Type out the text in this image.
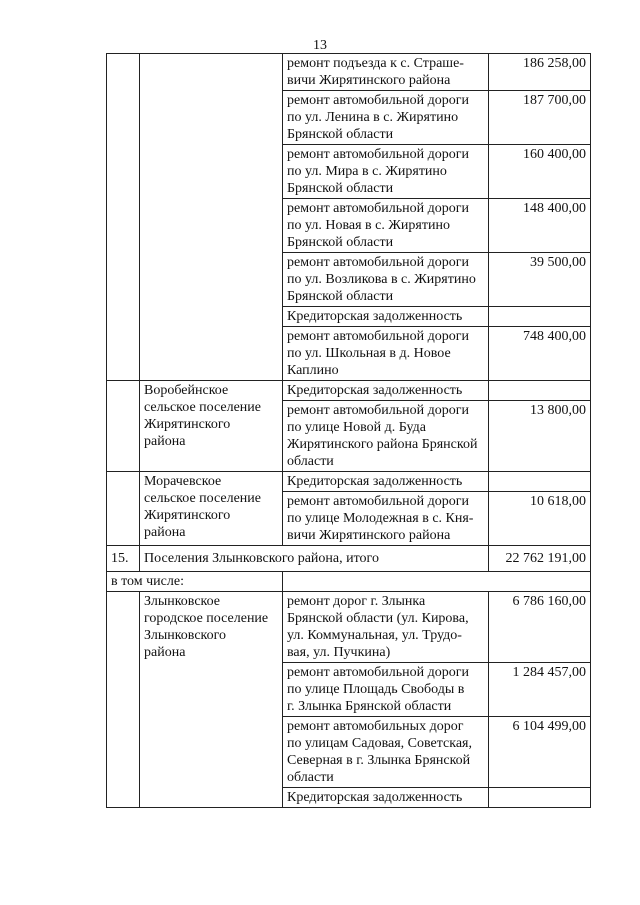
13
		ремонт подъезда к с. Страше-
вичи Жирятинского района	186 258,00
		ремонт автомобильной дороги
по ул. Ленина в с. Жирятино
Брянской области	187 700,00
		ремонт автомобильной дороги
по ул. Мира в с. Жирятино
Брянской области	160 400,00
		ремонт автомобильной дороги
по ул. Новая в с. Жирятино
Брянской области	148 400,00
		ремонт автомобильной дороги
по ул. Возликова в с. Жирятино
Брянской области	39 500,00
		Кредиторская задолженность	
		ремонт автомобильной дороги
по ул. Школьная в д. Новое
Каплино	748 400,00
	Воробейнское
сельское поселение
Жирятинского
района	Кредиторская задолженность	
		ремонт автомобильной дороги
по улице Новой д. Буда
Жирятинского района Брянской
области	13 800,00
	Морачевское
сельское поселение
Жирятинского
района	Кредиторская задолженность	
		ремонт автомобильной дороги
по улице Молодежная в с. Кня-
вичи Жирятинского района	10 618,00
15.	Поселения Злынковского района, итого		22 762 191,00
в том числе:			
	Злынковское
городское поселение
Злынковского
района	ремонт дорог г. Злынка
Брянской области (ул. Кирова,
ул. Коммунальная, ул. Трудо-
вая, ул. Пучкина)	6 786 160,00
		ремонт автомобильной дороги
по улице Площадь Свободы в
г. Злынка Брянской области	1 284 457,00
		ремонт автомобильных дорог
по улицам Садовая, Советская,
Северная в г. Злынка Брянской
области	6 104 499,00
		Кредиторская задолженность	
